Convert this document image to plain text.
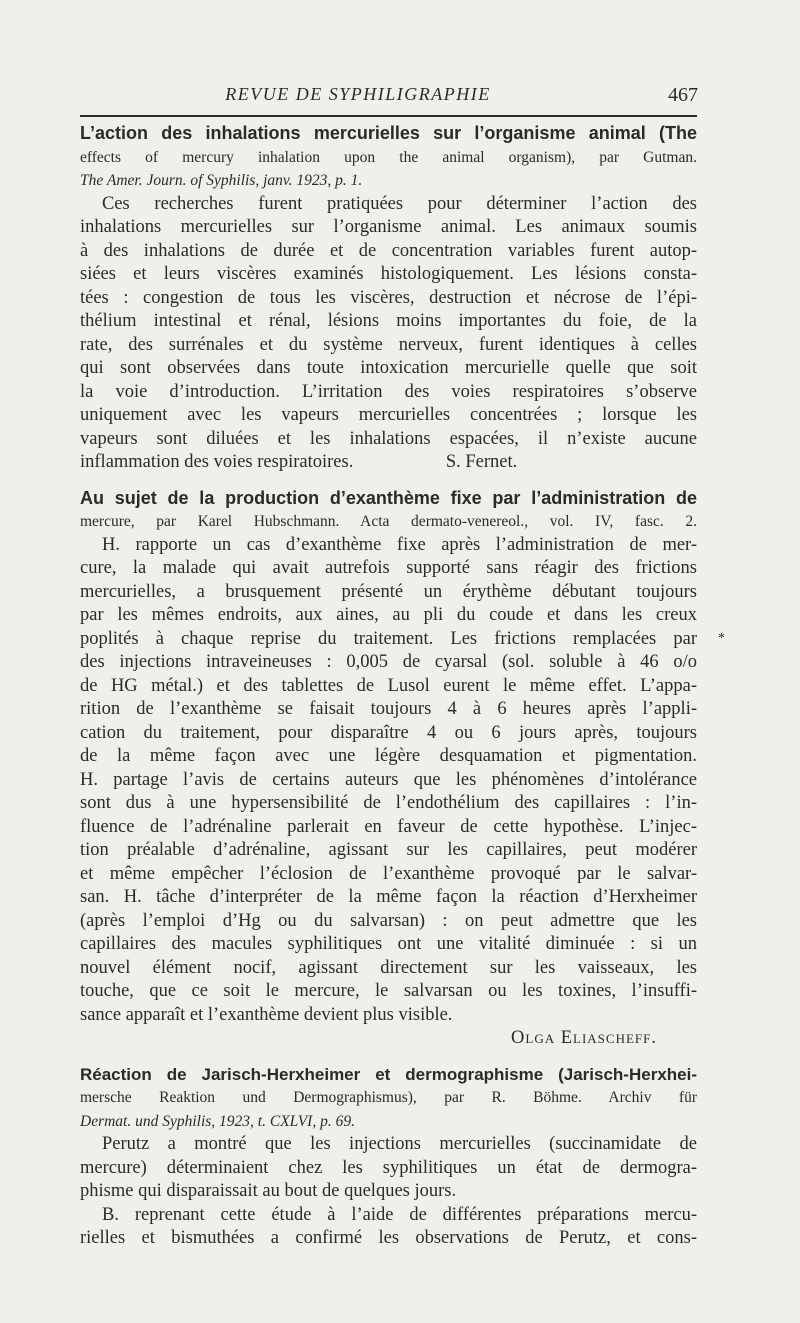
REVUE DE SYPHILIGRAPHIE	467
*
L’action des inhalations mercurielles sur l’organisme animal (The
effects of mercury inhalation upon the animal organism), par Gutman.
The Amer. Journ. of Syphilis, janv. 1923, p. 1.
Ces recherches furent pratiquées pour déterminer l’action des
inhalations mercurielles sur l’organisme animal. Les animaux soumis
à des inhalations de durée et de concentration variables furent autop-
siées et leurs viscères examinés histologiquement. Les lésions consta-
tées : congestion de tous les viscères, destruction et nécrose de l’épi-
thélium intestinal et rénal, lésions moins importantes du foie, de la
rate, des surrénales et du système nerveux, furent identiques à celles
qui sont observées dans toute intoxication mercurielle quelle que soit
la voie d’introduction. L’irritation des voies respiratoires s’observe
uniquement avec les vapeurs mercurielles concentrées ; lorsque les
vapeurs sont diluées et les inhalations espacées, il n’existe aucune
inflammation des voies respiratoires.                    S. Fernet.
Au sujet de la production d’exanthème fixe par l’administration de
mercure, par Karel Hubschmann. Acta dermato-venereol., vol. IV, fasc. 2.
H. rapporte un cas d’exanthème fixe après l’administration de mer-
cure, la malade qui avait autrefois supporté sans réagir des frictions
mercurielles, a brusquement présenté un érythème débutant toujours
par les mêmes endroits, aux aines, au pli du coude et dans les creux
poplités à chaque reprise du traitement. Les frictions remplacées par
des injections intraveineuses : 0,005 de cyarsal (sol. soluble à 46 o/o
de HG métal.) et des tablettes de Lusol eurent le même effet. L’appa-
rition de l’exanthème se faisait toujours 4 à 6 heures après l’appli-
cation du traitement, pour disparaître 4 ou 6 jours après, toujours
de la même façon avec une légère desquamation et pigmentation.
H. partage l’avis de certains auteurs que les phénomènes d’intolérance
sont dus à une hypersensibilité de l’endothélium des capillaires : l’in-
fluence de l’adrénaline parlerait en faveur de cette hypothèse. L’injec-
tion préalable d’adrénaline, agissant sur les capillaires, peut modérer
et même empêcher l’éclosion de l’exanthème provoqué par le salvar-
san. H. tâche d’interpréter de la même façon la réaction d’Herxheimer
(après l’emploi d’Hg ou du salvarsan) : on peut admettre que les
capillaires des macules syphilitiques ont une vitalité diminuée : si un
nouvel élément nocif, agissant directement sur les vaisseaux, les
touche, que ce soit le mercure, le salvarsan ou les toxines, l’insuffi-
sance apparaît et l’exanthème devient plus visible.
Olga Eliascheff.
Réaction de Jarisch-Herxheimer et dermographisme (Jarisch-Herxhei-
mersche Reaktion und Dermographismus), par R. Böhme. Archiv für
Dermat. und Syphilis, 1923, t. CXLVI, p. 69.
Perutz a montré que les injections mercurielles (succinamidate de
mercure) déterminaient chez les syphilitiques un état de dermogra-
phisme qui disparaissait au bout de quelques jours.
B. reprenant cette étude à l’aide de différentes préparations mercu-
rielles et bismuthées a confirmé les observations de Perutz, et cons-
